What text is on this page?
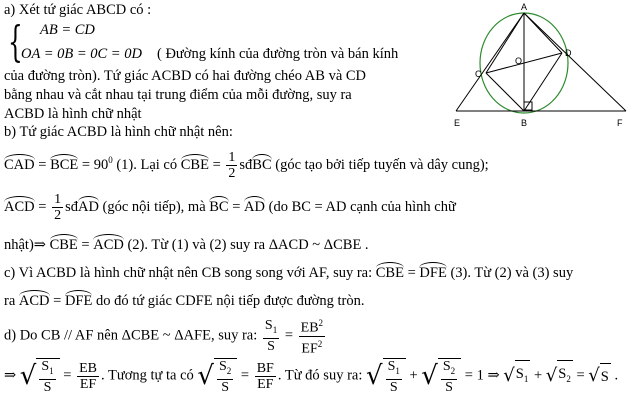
a) Xét tứ giác ABCD có :
{ AB = CD
OA = 0B = 0C = 0D ( Đường kính của đường tròn và bán kính
của đường tròn). Tứ giác ACBD có hai đường chéo AB và CD
bằng nhau và cắt nhau tại trung điểm của mỗi đường, suy ra
ACBD là hình chữ nhật
b) Tứ giác ACBD là hình chữ nhật nên:
CAD = BCE = $90^0$ (1). Lại có CBE = $\frac{1}{2}$ sđBC (góc tạo bởi tiếp tuyến và dây cung);
ACD = $\frac{1}{2}$ sđAD (góc nội tiếp), mà BC = AD (do BC = AD cạnh của hình chữ
nhật)⇒ CBE = ACD (2). Từ (1) và (2) suy ra ΔACD ~ ΔCBE .
c) Vì ACBD là hình chữ nhật nên CB song song với AF, suy ra: CBE = DFE (3). Từ (2) và (3) suy
ra ACD = DFE do đó tứ giác CDFE nội tiếp được đường tròn.
d) Do CB // AF nên ΔCBE ~ ΔAFE, suy ra: $\frac{S_1}{S} = \frac{EB^2}{EF^2}$
⇒ √ $\frac{S_1}{S} = \frac{EB}{EF}$ . Tương tự ta có √ $\frac{S_2}{S} = \frac{BF}{EF}$ . Từ đó suy ra: √ $\frac{S_1}{S}$ + √ $\frac{S_2}{S} = 1$ ⇒ √ $S_1$ + √ $S_2$ = √ S .
A
B
C
D
O
E	F
